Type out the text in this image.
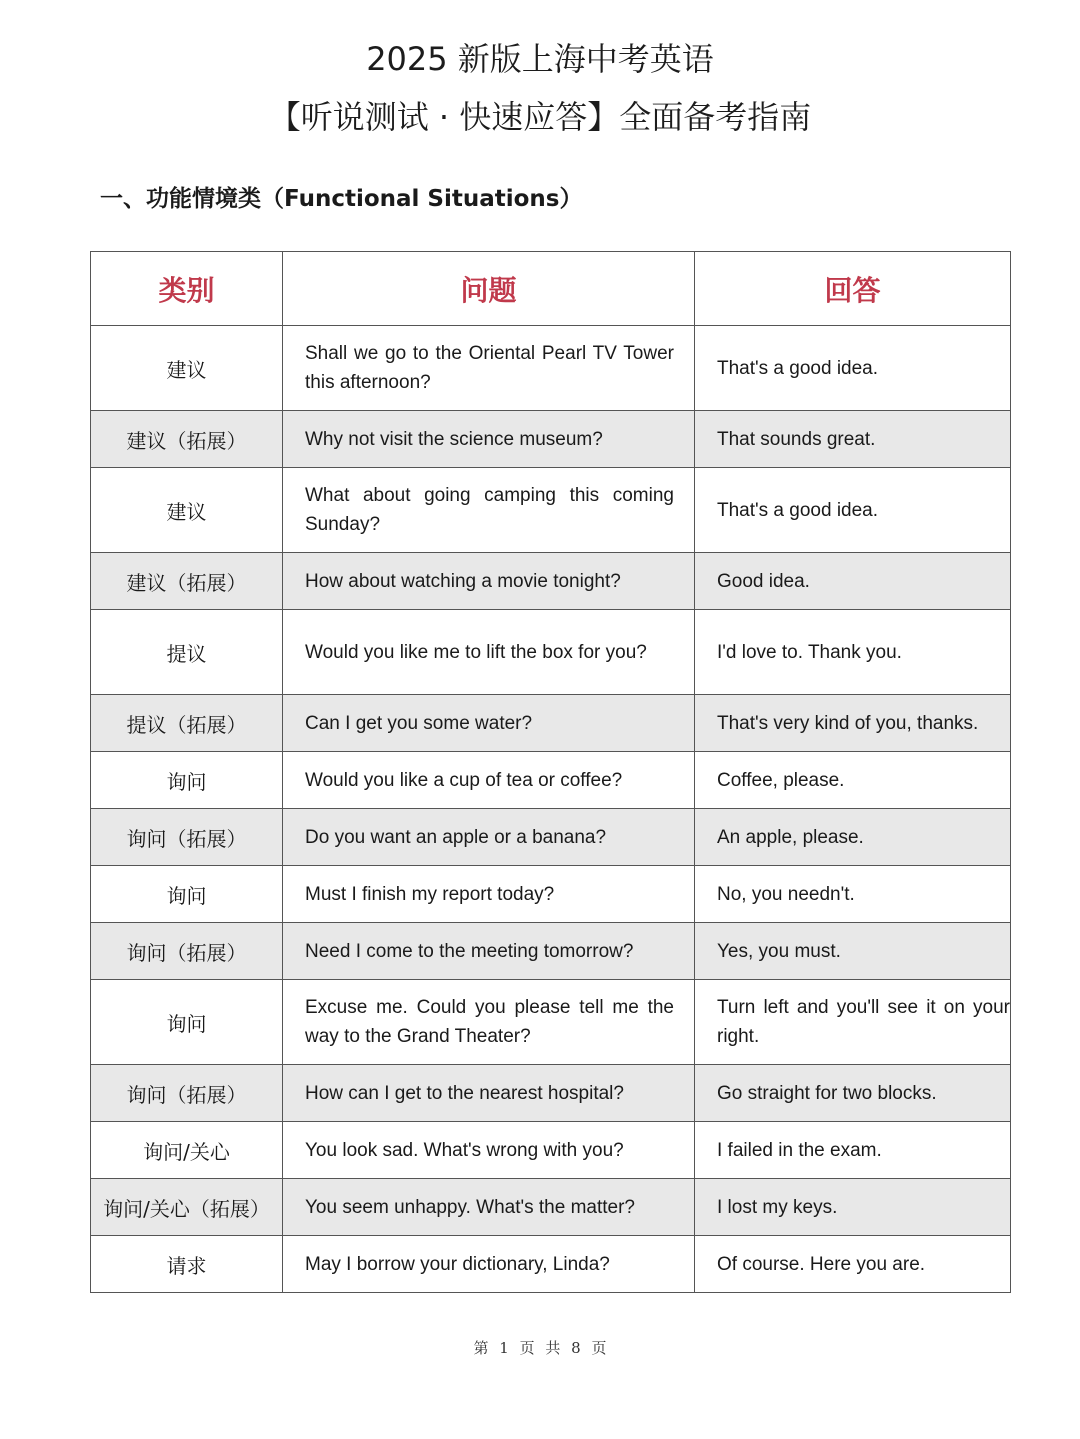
2025 新版上海中考英语
【听说测试 · 快速应答】全面备考指南
一、功能情境类（Functional Situations）
类别	问题	回答
建议	Shall we go to the Oriental Pearl TV Tower this afternoon?	That's a good idea.
建议（拓展）	Why not visit the science museum?	That sounds great.
建议	What about going camping this coming Sunday?	That's a good idea.
建议（拓展）	How about watching a movie tonight?	Good idea.
提议	Would you like me to lift the box for you?	I'd love to. Thank you.
提议（拓展）	Can I get you some water?	That's very kind of you, thanks.
询问	Would you like a cup of tea or coffee?	Coffee, please.
询问（拓展）	Do you want an apple or a banana?	An apple, please.
询问	Must I finish my report today?	No, you needn't.
询问（拓展）	Need I come to the meeting tomorrow?	Yes, you must.
询问	Excuse me. Could you please tell me the way to the Grand Theater?	Turn left and you'll see it on your right.
询问（拓展）	How can I get to the nearest hospital?	Go straight for two blocks.
询问/关心	You look sad. What's wrong with you?	I failed in the exam.
询问/关心（拓展）	You seem unhappy. What's the matter?	I lost my keys.
请求	May I borrow your dictionary, Linda?	Of course. Here you are.
第 1 页 共 8 页
